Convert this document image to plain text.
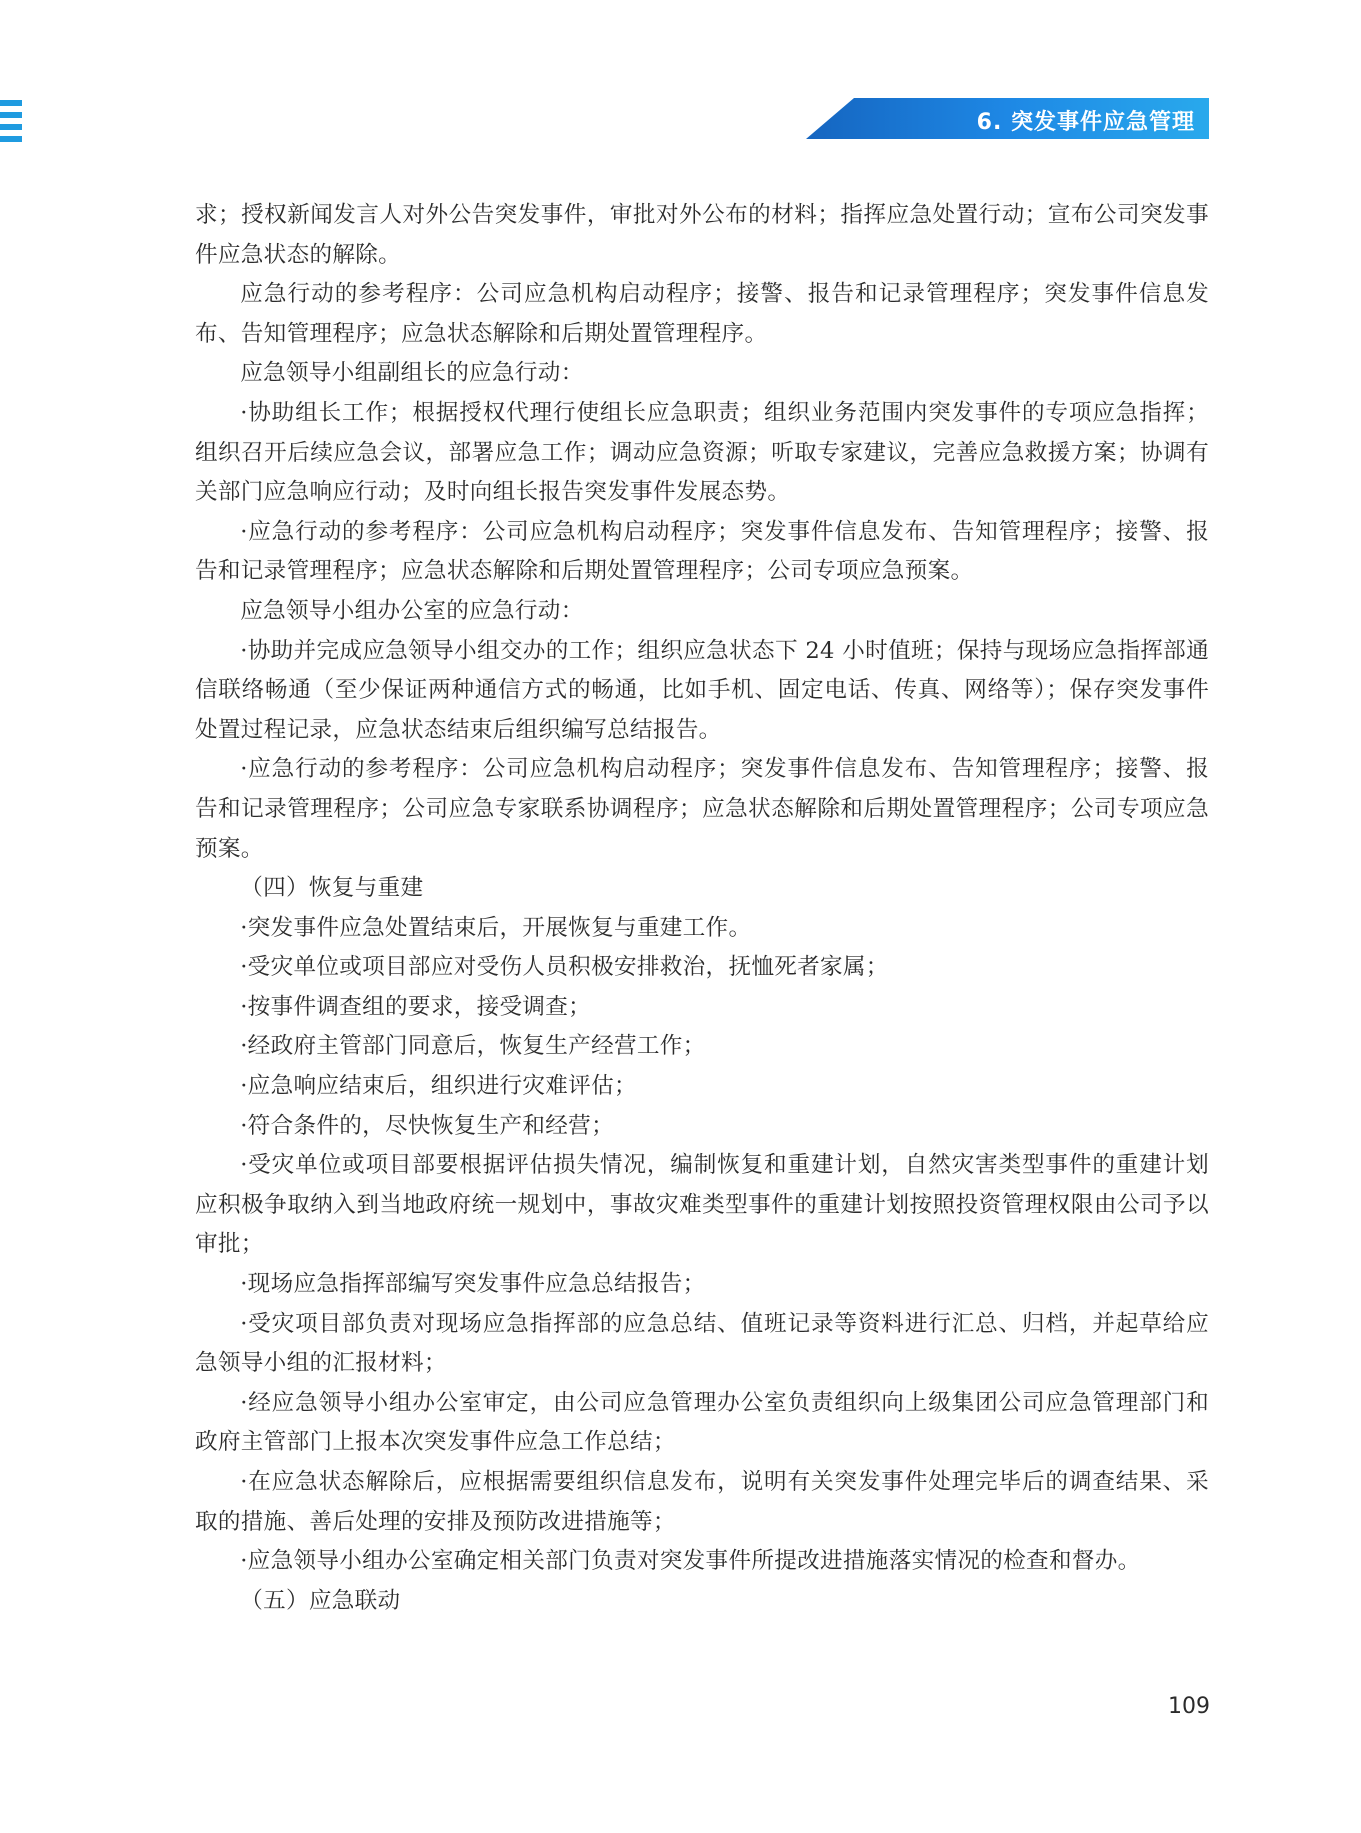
6. 突发事件应急管理

求；授权新闻发言人对外公告突发事件，审批对外公布的材料；指挥应急处置行动；宣布公司突发事件应急状态的解除。

应急行动的参考程序：公司应急机构启动程序；接警、报告和记录管理程序；突发事件信息发布、告知管理程序；应急状态解除和后期处置管理程序。

应急领导小组副组长的应急行动：

·协助组长工作；根据授权代理行使组长应急职责；组织业务范围内突发事件的专项应急指挥；组织召开后续应急会议，部署应急工作；调动应急资源；听取专家建议，完善应急救援方案；协调有关部门应急响应行动；及时向组长报告突发事件发展态势。

·应急行动的参考程序：公司应急机构启动程序；突发事件信息发布、告知管理程序；接警、报告和记录管理程序；应急状态解除和后期处置管理程序；公司专项应急预案。

应急领导小组办公室的应急行动：

·协助并完成应急领导小组交办的工作；组织应急状态下 24 小时值班；保持与现场应急指挥部通信联络畅通（至少保证两种通信方式的畅通，比如手机、固定电话、传真、网络等）；保存突发事件处置过程记录，应急状态结束后组织编写总结报告。

·应急行动的参考程序：公司应急机构启动程序；突发事件信息发布、告知管理程序；接警、报告和记录管理程序；公司应急专家联系协调程序；应急状态解除和后期处置管理程序；公司专项应急预案。

（四）恢复与重建

·突发事件应急处置结束后，开展恢复与重建工作。

·受灾单位或项目部应对受伤人员积极安排救治，抚恤死者家属；

·按事件调查组的要求，接受调查；

·经政府主管部门同意后，恢复生产经营工作；

·应急响应结束后，组织进行灾难评估；

·符合条件的，尽快恢复生产和经营；

·受灾单位或项目部要根据评估损失情况，编制恢复和重建计划，自然灾害类型事件的重建计划应积极争取纳入到当地政府统一规划中，事故灾难类型事件的重建计划按照投资管理权限由公司予以审批；

·现场应急指挥部编写突发事件应急总结报告；

·受灾项目部负责对现场应急指挥部的应急总结、值班记录等资料进行汇总、归档，并起草给应急领导小组的汇报材料；

·经应急领导小组办公室审定，由公司应急管理办公室负责组织向上级集团公司应急管理部门和政府主管部门上报本次突发事件应急工作总结；

·在应急状态解除后，应根据需要组织信息发布，说明有关突发事件处理完毕后的调查结果、采取的措施、善后处理的安排及预防改进措施等；

·应急领导小组办公室确定相关部门负责对突发事件所提改进措施落实情况的检查和督办。

（五）应急联动

109
